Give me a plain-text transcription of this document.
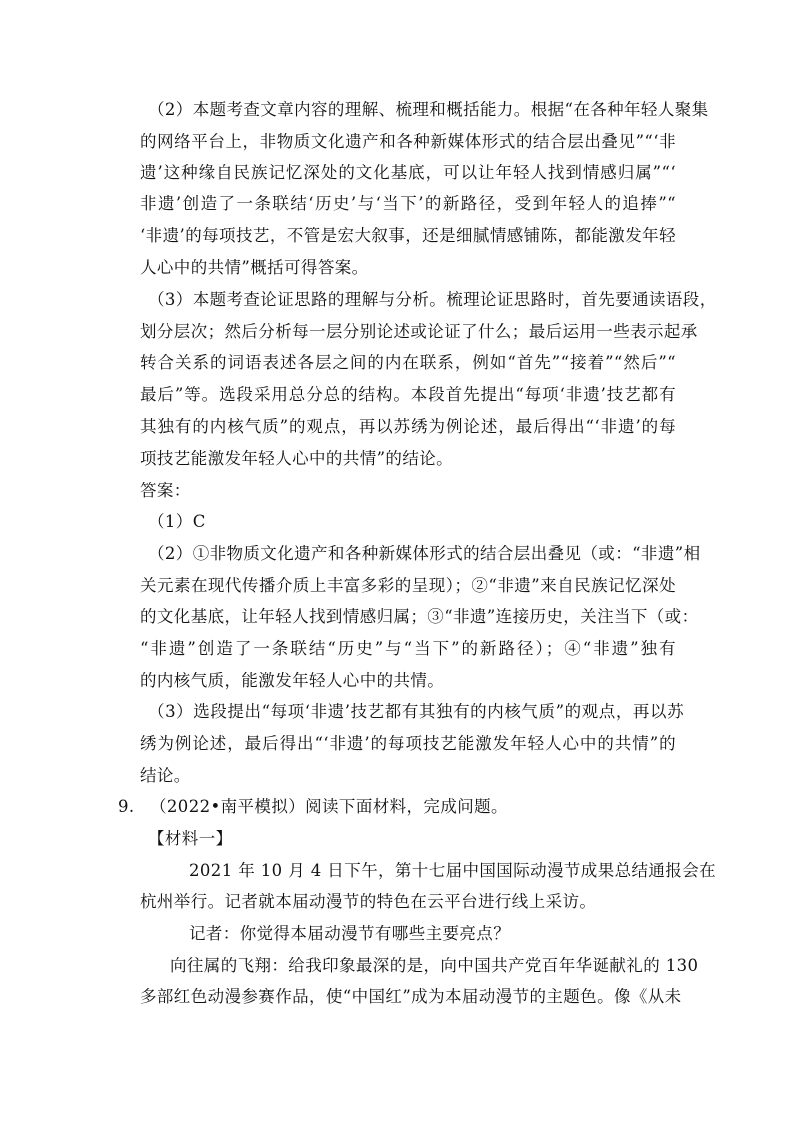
（2）本题考查文章内容的理解、梳理和概括能力。根据“在各种年轻人聚集
的网络平台上，非物质文化遗产和各种新媒体形式的结合层出叠见”“‘非
遗’这种缘自民族记忆深处的文化基底，可以让年轻人找到情感归属”“‘
非遗’创造了一条联结‘历史’与‘当下’的新路径，受到年轻人的追捧”“
‘非遗’的每项技艺，不管是宏大叙事，还是细腻情感铺陈，都能激发年轻
人心中的共情”概括可得答案。
（3）本题考查论证思路的理解与分析。梳理论证思路时，首先要通读语段，
划分层次；然后分析每一层分别论述或论证了什么；最后运用一些表示起承
转合关系的词语表述各层之间的内在联系，例如“首先”“接着”“然后”“
最后”等。选段采用总分总的结构。本段首先提出“每项‘非遗’技艺都有
其独有的内核气质”的观点，再以苏绣为例论述，最后得出“‘非遗’的每
项技艺能激发年轻人心中的共情”的结论。
答案：
（1）C
（2）①非物质文化遗产和各种新媒体形式的结合层出叠见（或：“非遗”相
关元素在现代传播介质上丰富多彩的呈现）；②“非遗”来自民族记忆深处
的文化基底，让年轻人找到情感归属；③“非遗”连接历史，关注当下（或：
“非遗”创造了一条联结“历史”与“当下”的新路径）；④“非遗”独有
的内核气质，能激发年轻人心中的共情。
（3）选段提出“每项‘非遗’技艺都有其独有的内核气质”的观点，再以苏
绣为例论述，最后得出“‘非遗’的每项技艺能激发年轻人心中的共情”的
结论。
9. （2022•南平模拟）阅读下面材料，完成问题。
【材料一】
2021 年 10 月 4 日下午，第十七届中国国际动漫节成果总结通报会在
杭州举行。记者就本届动漫节的特色在云平台进行线上采访。
记者：你觉得本届动漫节有哪些主要亮点？
向往属的飞翔：给我印象最深的是，向中国共产党百年华诞献礼的 130
多部红色动漫参赛作品，使“中国红”成为本届动漫节的主题色。像《从未
